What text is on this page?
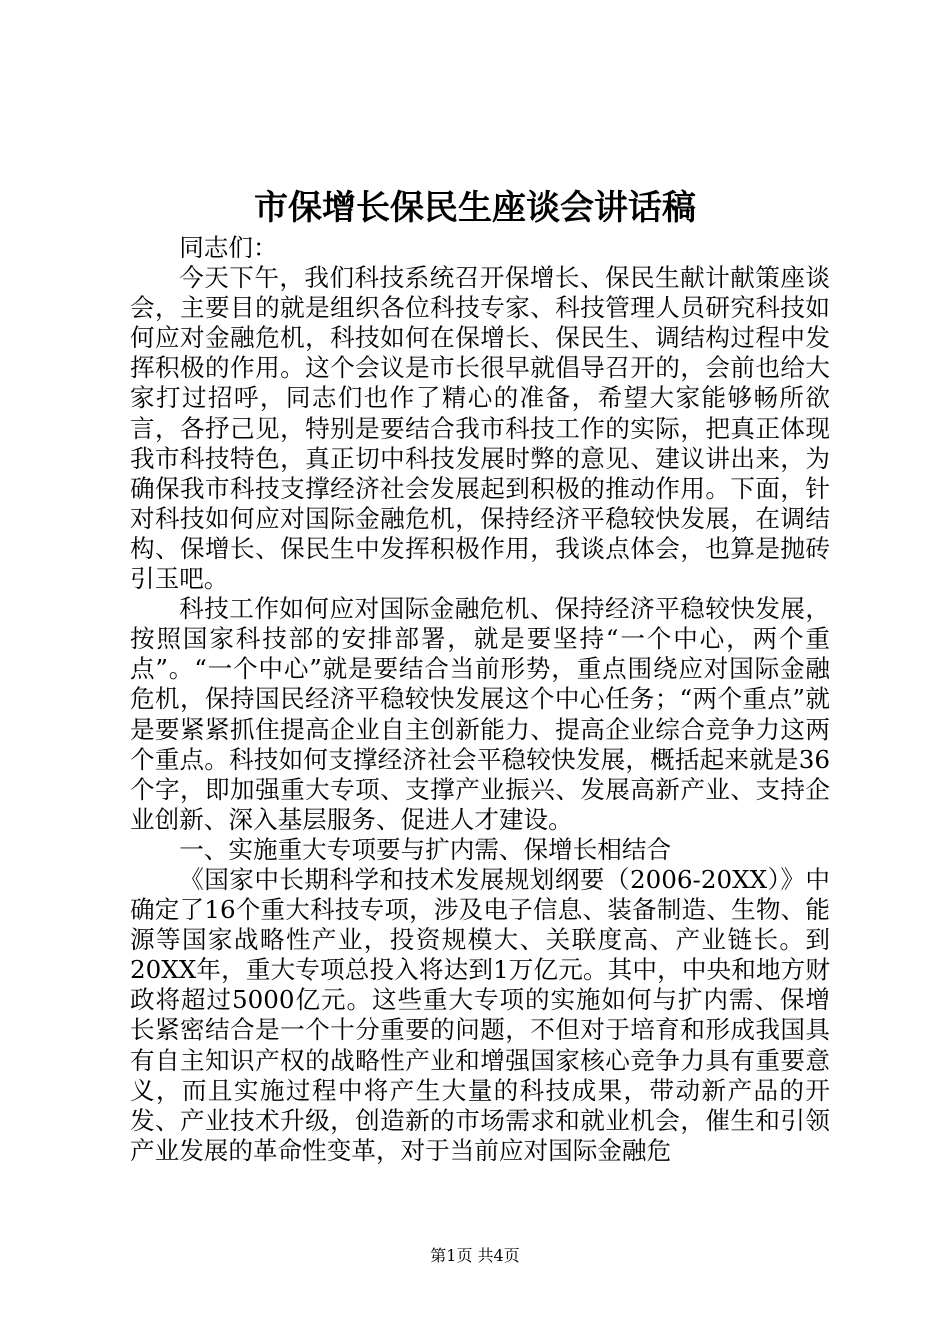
市保增长保民生座谈会讲话稿

同志们：

今天下午，我们科技系统召开保增长、保民生献计献策座谈会，主要目的就是组织各位科技专家、科技管理人员研究科技如何应对金融危机，科技如何在保增长、保民生、调结构过程中发挥积极的作用。这个会议是市长很早就倡导召开的，会前也给大家打过招呼，同志们也作了精心的准备，希望大家能够畅所欲言，各抒己见，特别是要结合我市科技工作的实际，把真正体现我市科技特色，真正切中科技发展时弊的意见、建议讲出来，为确保我市科技支撑经济社会发展起到积极的推动作用。下面，针对科技如何应对国际金融危机，保持经济平稳较快发展，在调结构、保增长、保民生中发挥积极作用，我谈点体会，也算是抛砖引玉吧。

科技工作如何应对国际金融危机、保持经济平稳较快发展，按照国家科技部的安排部署，就是要坚持“一个中心，两个重点”。“一个中心”就是要结合当前形势，重点围绕应对国际金融危机，保持国民经济平稳较快发展这个中心任务；“两个重点”就是要紧紧抓住提高企业自主创新能力、提高企业综合竞争力这两个重点。科技如何支撑经济社会平稳较快发展，概括起来就是36个字，即加强重大专项、支撑产业振兴、发展高新产业、支持企业创新、深入基层服务、促进人才建设。

一、实施重大专项要与扩内需、保增长相结合

《国家中长期科学和技术发展规划纲要（2006-20XX）》中确定了16个重大科技专项，涉及电子信息、装备制造、生物、能源等国家战略性产业，投资规模大、关联度高、产业链长。到20XX年，重大专项总投入将达到1万亿元。其中，中央和地方财政将超过5000亿元。这些重大专项的实施如何与扩内需、保增长紧密结合是一个十分重要的问题，不但对于培育和形成我国具有自主知识产权的战略性产业和增强国家核心竞争力具有重要意义，而且实施过程中将产生大量的科技成果，带动新产品的开发、产业技术升级，创造新的市场需求和就业机会，催生和引领产业发展的革命性变革，对于当前应对国际金融危

第1页 共4页
